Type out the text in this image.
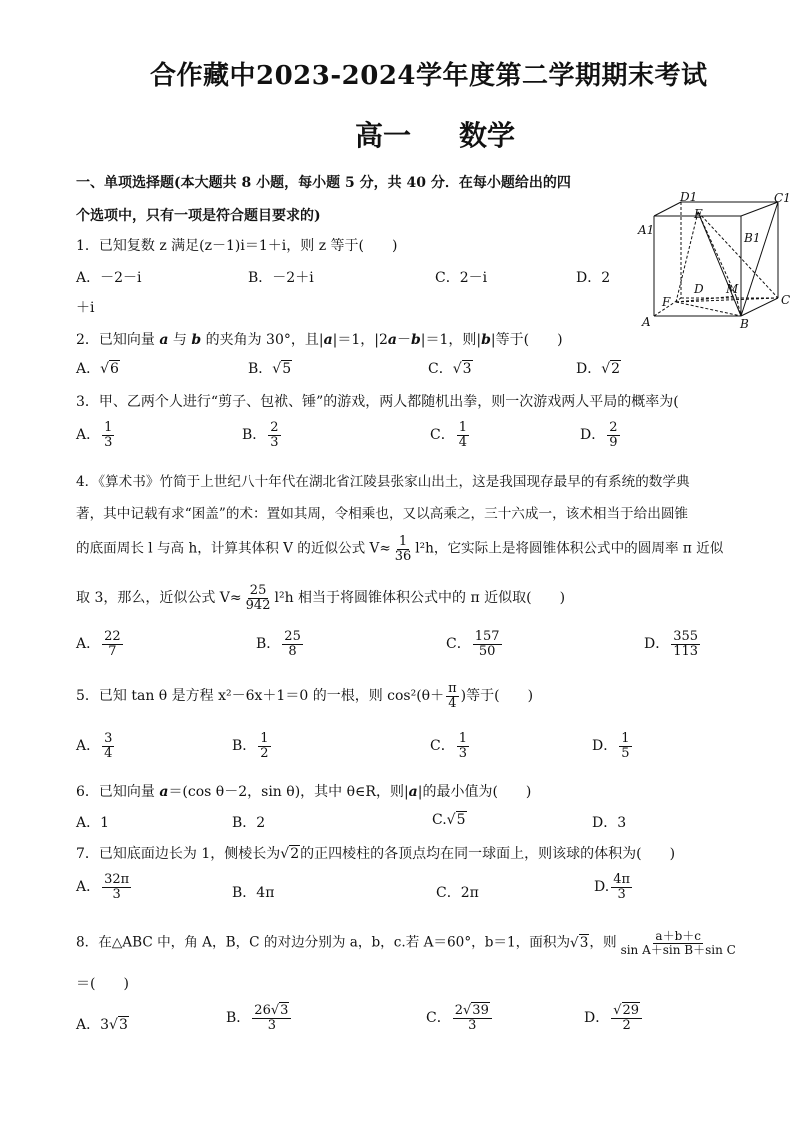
合作藏中2023-2024学年度第二学期期末考试
高一 数学
一、单项选择题(本大题共 8 小题，每小题 5 分，共 40 分．在每小题给出的四
个选项中，只有一项是符合题目要求的)
D1
E
C1
A1
B1
D M
F	C
A	B
1．已知复数 z 满足(z－1)i＝1＋i，则 z 等于(　　)
A．－2－i	B．－2＋i	C．2－i	D．2
＋i
2．已知向量 a 与 b 的夹角为 30°，且|a|＝1，|2a－b|＝1，则|b|等于(　　)
A．√6	B．√5	C．√3	D．√2
3．甲、乙两个人进行“剪子、包袱、锤”的游戏，两人都随机出拳，则一次游戏两人平局的概率为(
A． $\frac{1}{3}$	B． $\frac{2}{3}$	C． $\frac{1}{4}$	D． $\frac{2}{9}$
4．《算术书》竹简于上世纪八十年代在湖北省江陵县张家山出土，这是我国现存最早的有系统的数学典
著，其中记载有求“囷盖”的术：置如其周，令相乘也，又以高乘之，三十六成一，该术相当于给出圆锥
的底面周长 l 与高 h，计算其体积 V 的近似公式 $V\approx \frac{1}{36} l^2h$，它实际上是将圆锥体积公式中的圆周率 π 近似
取 3，那么，近似公式 $V\approx \frac{25}{942} l^2h$ 相当于将圆锥体积公式中的 π 近似取(　　)
A． $\frac{22}{7}$	B． $\frac{25}{8}$	C． $\frac{157}{50}$	D． $\frac{355}{113}$
5．已知 tan θ 是方程 x²－6x＋1＝0 的一根，则 $\cos^2(\theta+ \frac{\pi}{4}$ )等于(　　)
A． $\frac{3}{4}$	B． $\frac{1}{2}$	C． $\frac{1}{3}$	D． $\frac{1}{5}$
6．已知向量 a＝(cos θ－2，sin θ)，其中 θ∈R，则|a|的最小值为(　　)
A．1	B．2	C.√5	D．3
7．已知底面边长为 1，侧棱长为√2的正四棱柱的各顶点均在同一球面上，则该球的体积为(　　)
A． $\frac{32\pi}{3}$	B．4π	C．2π	D. $\frac{4\pi}{3}$
8．在△ABC 中，角 A，B，C 的对边分别为 a，b，c.若 A＝60°，b＝1，面积为√3，则 $\frac{a+b+c}{\text{sin A＋sin B＋sin C}}$
＝(　　)
A．3√3	B． $\frac{26√3}{3}$	C． $\frac{2√39}{3}$	D． $\frac{√29}{2}$
